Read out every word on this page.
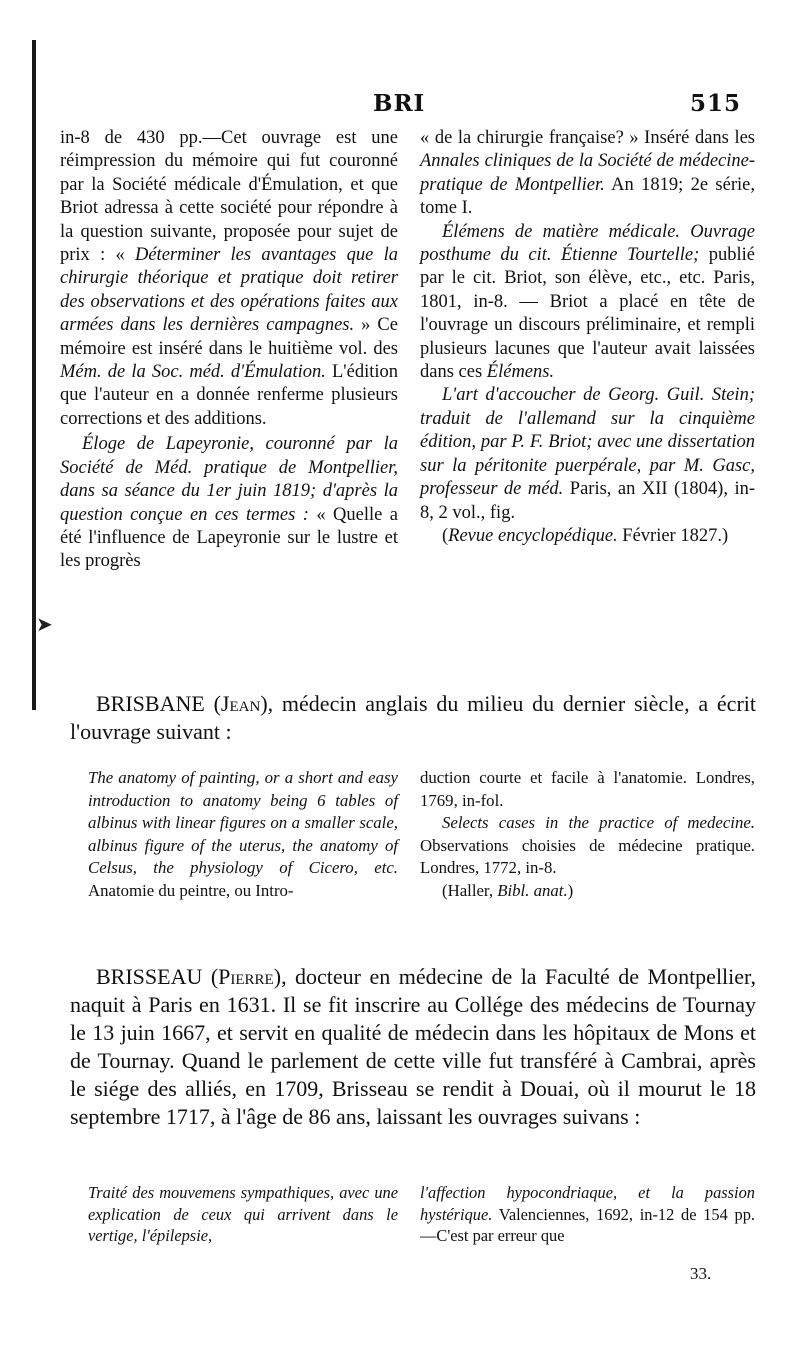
BRI	515

in-8 de 430 pp.—Cet ouvrage est une réimpression du mémoire qui fut couronné par la Société médicale d'Émulation, et que Briot adressa à cette société pour répondre à la question suivante, proposée pour sujet de prix : « Déterminer les avantages que la chirurgie théorique et pratique doit retirer des observations et des opérations faites aux armées dans les dernières campagnes. » Ce mémoire est inséré dans le huitième vol. des Mém. de la Soc. méd. d'Émulation. L'édition que l'auteur en a donnée renferme plusieurs corrections et des additions.

Éloge de Lapeyronie, couronné par la Société de Méd. pratique de Montpellier, dans sa séance du 1er juin 1819; d'après la question conçue en ces termes : « Quelle a été l'influence de Lapeyronie sur le lustre et les progrès

« de la chirurgie française? » Inséré dans les Annales cliniques de la Société de médecine-pratique de Montpellier. An 1819; 2e série, tome I.

Élémens de matière médicale. Ouvrage posthume du cit. Étienne Tourtelle; publié par le cit. Briot, son élève, etc., etc. Paris, 1801, in-8. — Briot a placé en tête de l'ouvrage un discours préliminaire, et rempli plusieurs lacunes que l'auteur avait laissées dans ces Élémens.

L'art d'accoucher de Georg. Guil. Stein; traduit de l'allemand sur la cinquième édition, par P. F. Briot; avec une dissertation sur la péritonite puerpérale, par M. Gasc, professeur de méd. Paris, an XII (1804), in-8, 2 vol., fig.

(Revue encyclopédique. Février 1827.)

BRISBANE (Jean), médecin anglais du milieu du dernier siècle, a écrit l'ouvrage suivant :

The anatomy of painting, or a short and easy introduction to anatomy being 6 tables of albinus with linear figures on a smaller scale, albinus figure of the uterus, the anatomy of Celsus, the physiology of Cicero, etc. Anatomie du peintre, ou Intro-

duction courte et facile à l'anatomie. Londres, 1769, in-fol.

Selects cases in the practice of medecine. Observations choisies de médecine pratique. Londres, 1772, in-8.

(Haller, Bibl. anat.)

BRISSEAU (Pierre), docteur en médecine de la Faculté de Montpellier, naquit à Paris en 1631. Il se fit inscrire au Collége des médecins de Tournay le 13 juin 1667, et servit en qualité de médecin dans les hôpitaux de Mons et de Tournay. Quand le parlement de cette ville fut transféré à Cambrai, après le siége des alliés, en 1709, Brisseau se rendit à Douai, où il mourut le 18 septembre 1717, à l'âge de 86 ans, laissant les ouvrages suivans :

Traité des mouvemens sympathiques, avec une explication de ceux qui arrivent dans le vertige, l'épilepsie,

l'affection hypocondriaque, et la passion hystérique. Valenciennes, 1692, in-12 de 154 pp.—C'est par erreur que

33.
➤
